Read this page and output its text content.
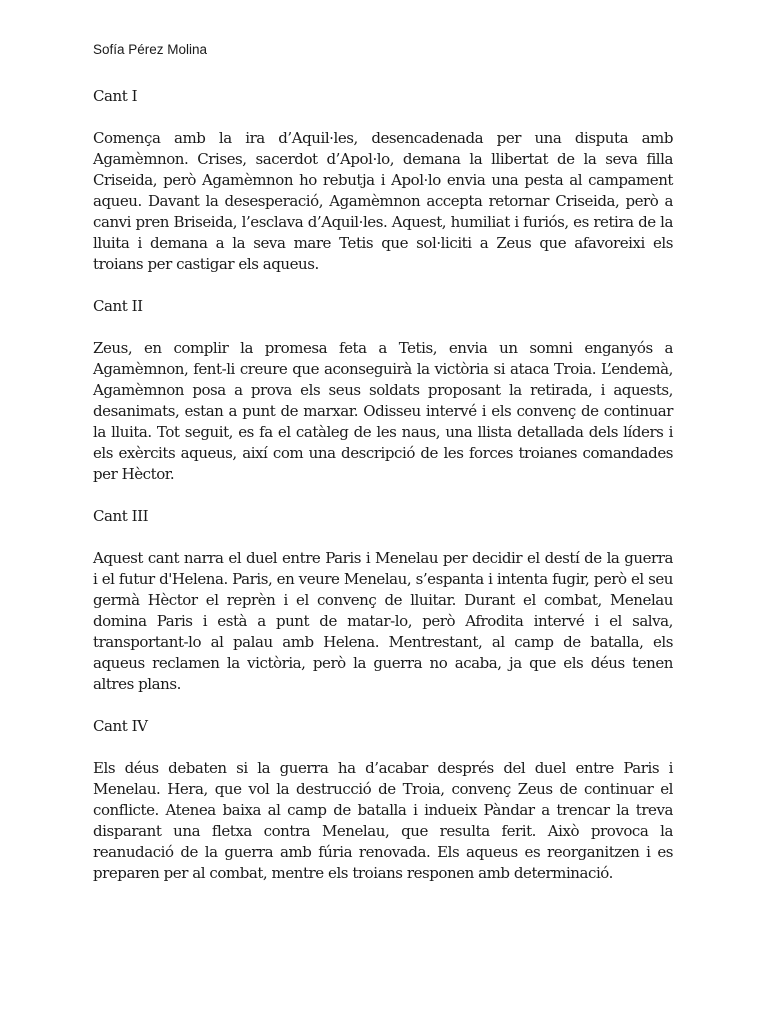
Sofía Pérez Molina

Cant I

Comença amb la ira d’Aquil·les, desencadenada per una disputa amb Agamèmnon. Crises, sacerdot d’Apol·lo, demana la llibertat de la seva filla Criseida, però Agamèmnon ho rebutja i Apol·lo envia una pesta al campament aqueu. Davant la desesperació, Agamèmnon accepta retornar Criseida, però a canvi pren Briseida, l’esclava d’Aquil·les. Aquest, humiliat i furiós, es retira de la lluita i demana a la seva mare Tetis que sol·liciti a Zeus que afavoreixi els troians per castigar els aqueus.

Cant II

Zeus, en complir la promesa feta a Tetis, envia un somni enganyós a Agamèmnon, fent-li creure que aconseguirà la victòria si ataca Troia. L’endemà, Agamèmnon posa a prova els seus soldats proposant la retirada, i aquests, desanimats, estan a punt de marxar. Odisseu intervé i els convenç de continuar la lluita. Tot seguit, es fa el catàleg de les naus, una llista detallada dels líders i els exèrcits aqueus, així com una descripció de les forces troianes comandades per Hèctor.

Cant III

Aquest cant narra el duel entre Paris i Menelau per decidir el destí de la guerra i el futur d'Helena. Paris, en veure Menelau, s’espanta i intenta fugir, però el seu germà Hèctor el reprèn i el convenç de lluitar. Durant el combat, Menelau domina Paris i està a punt de matar-lo, però Afrodita intervé i el salva, transportant-lo al palau amb Helena. Mentrestant, al camp de batalla, els aqueus reclamen la victòria, però la guerra no acaba, ja que els déus tenen altres plans.

Cant IV

Els déus debaten si la guerra ha d’acabar després del duel entre Paris i Menelau. Hera, que vol la destrucció de Troia, convenç Zeus de continuar el conflicte. Atenea baixa al camp de batalla i indueix Pàndar a trencar la treva disparant una fletxa contra Menelau, que resulta ferit. Això provoca la reanudació de la guerra amb fúria renovada. Els aqueus es reorganitzen i es preparen per al combat, mentre els troians responen amb determinació.
